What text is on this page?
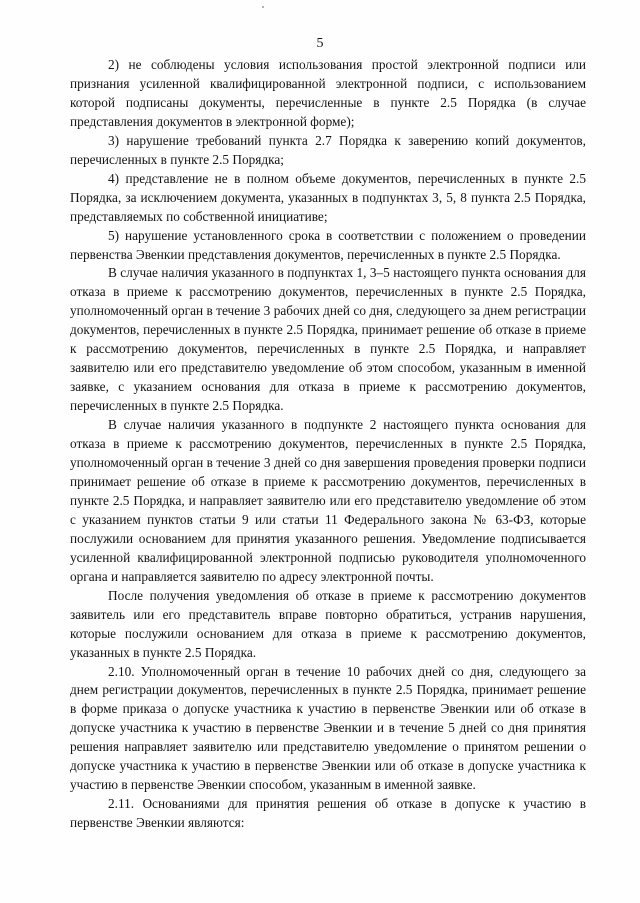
5

2) не соблюдены условия использования простой электронной подписи или признания усиленной квалифицированной электронной подписи, с использованием которой подписаны документы, перечисленные в пункте 2.5 Порядка (в случае представления документов в электронной форме);

3) нарушение требований пункта 2.7 Порядка к заверению копий документов, перечисленных в пункте 2.5 Порядка;

4) представление не в полном объеме документов, перечисленных в пункте 2.5 Порядка, за исключением документа, указанных в подпунктах 3, 5, 8 пункта 2.5 Порядка, представляемых по собственной инициативе;

5) нарушение установленного срока в соответствии с положением о проведении первенства Эвенкии представления документов, перечисленных в пункте 2.5 Порядка.

В случае наличия указанного в подпунктах 1, 3–5 настоящего пункта основания для отказа в приеме к рассмотрению документов, перечисленных в пункте 2.5 Порядка, уполномоченный орган в течение 3 рабочих дней со дня, следующего за днем регистрации документов, перечисленных в пункте 2.5 Порядка, принимает решение об отказе в приеме к рассмотрению документов, перечисленных в пункте 2.5 Порядка, и направляет заявителю или его представителю уведомление об этом способом, указанным в именной заявке, с указанием основания для отказа в приеме к рассмотрению документов, перечисленных в пункте 2.5 Порядка.

В случае наличия указанного в подпункте 2 настоящего пункта основания для отказа в приеме к рассмотрению документов, перечисленных в пункте 2.5 Порядка, уполномоченный орган в течение 3 дней со дня завершения проведения проверки подписи принимает решение об отказе в приеме к рассмотрению документов, перечисленных в пункте 2.5 Порядка, и направляет заявителю или его представителю уведомление об этом с указанием пунктов статьи 9 или статьи 11 Федерального закона № 63-ФЗ, которые послужили основанием для принятия указанного решения. Уведомление подписывается усиленной квалифицированной электронной подписью руководителя уполномоченного органа и направляется заявителю по адресу электронной почты.

После получения уведомления об отказе в приеме к рассмотрению документов заявитель или его представитель вправе повторно обратиться, устранив нарушения, которые послужили основанием для отказа в приеме к рассмотрению документов, указанных в пункте 2.5 Порядка.

2.10. Уполномоченный орган в течение 10 рабочих дней со дня, следующего за днем регистрации документов, перечисленных в пункте 2.5 Порядка, принимает решение в форме приказа о допуске участника к участию в первенстве Эвенкии или об отказе в допуске участника к участию в первенстве Эвенкии и в течение 5 дней со дня принятия решения направляет заявителю или представителю уведомление о принятом решении о допуске участника к участию в первенстве Эвенкии или об отказе в допуске участника к участию в первенстве Эвенкии способом, указанным в именной заявке.

2.11. Основаниями для принятия решения об отказе в допуске к участию в первенстве Эвенкии являются:
